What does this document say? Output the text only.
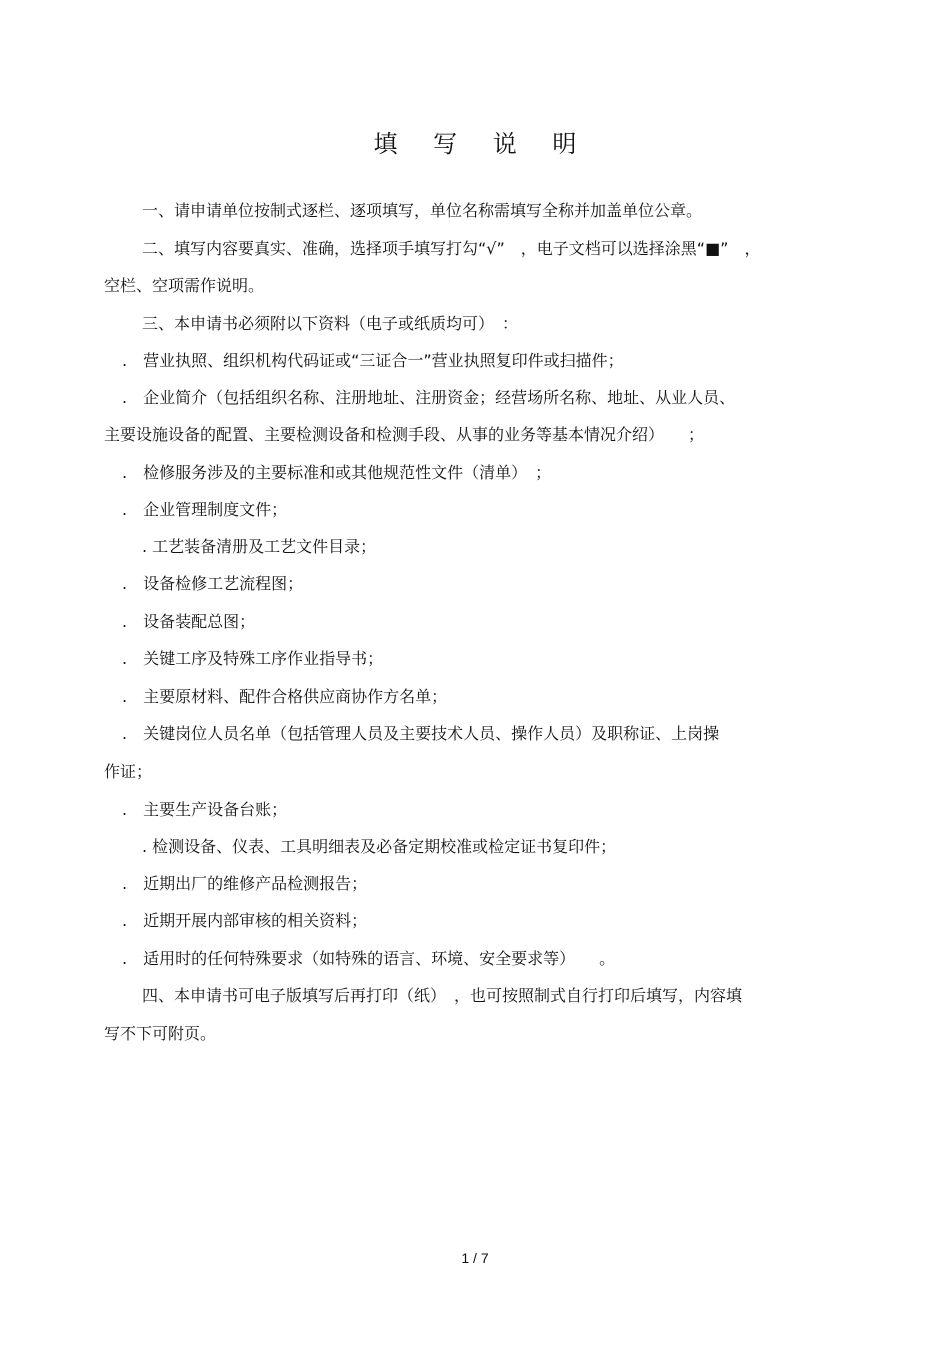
填 写 说 明
一、请申请单位按制式逐栏、逐项填写，单位名称需填写全称并加盖单位公章。
二、填写内容要真实、准确，选择项手填写打勾“√”　，电子文档可以选择涂黑“■”　，
空栏、空项需作说明。
三、本申请书必须附以下资料（电子或纸质均可）　：
.　营业执照、组织机构代码证或“三证合一”营业执照复印件或扫描件；
.　企业简介（包括组织名称、注册地址、注册资金；经营场所名称、地址、从业人员、
主要设施设备的配置、主要检测设备和检测手段、从事的业务等基本情况介绍）　　；
.　检修服务涉及的主要标准和或其他规范性文件（清单）　；
.　企业管理制度文件；
. 工艺装备清册及工艺文件目录；
.　设备检修工艺流程图；
.　设备装配总图；
.　关键工序及特殊工序作业指导书；
.　主要原材料、配件合格供应商协作方名单；
.　关键岗位人员名单（包括管理人员及主要技术人员、操作人员）及职称证、上岗操
作证；
.　主要生产设备台账；
. 检测设备、仪表、工具明细表及必备定期校准或检定证书复印件；
.　近期出厂的维修产品检测报告；
.　近期开展内部审核的相关资料；
.　适用时的任何特殊要求（如特殊的语言、环境、安全要求等）　　。
四、本申请书可电子版填写后再打印（纸）　，也可按照制式自行打印后填写，内容填
写不下可附页。
1 / 7
